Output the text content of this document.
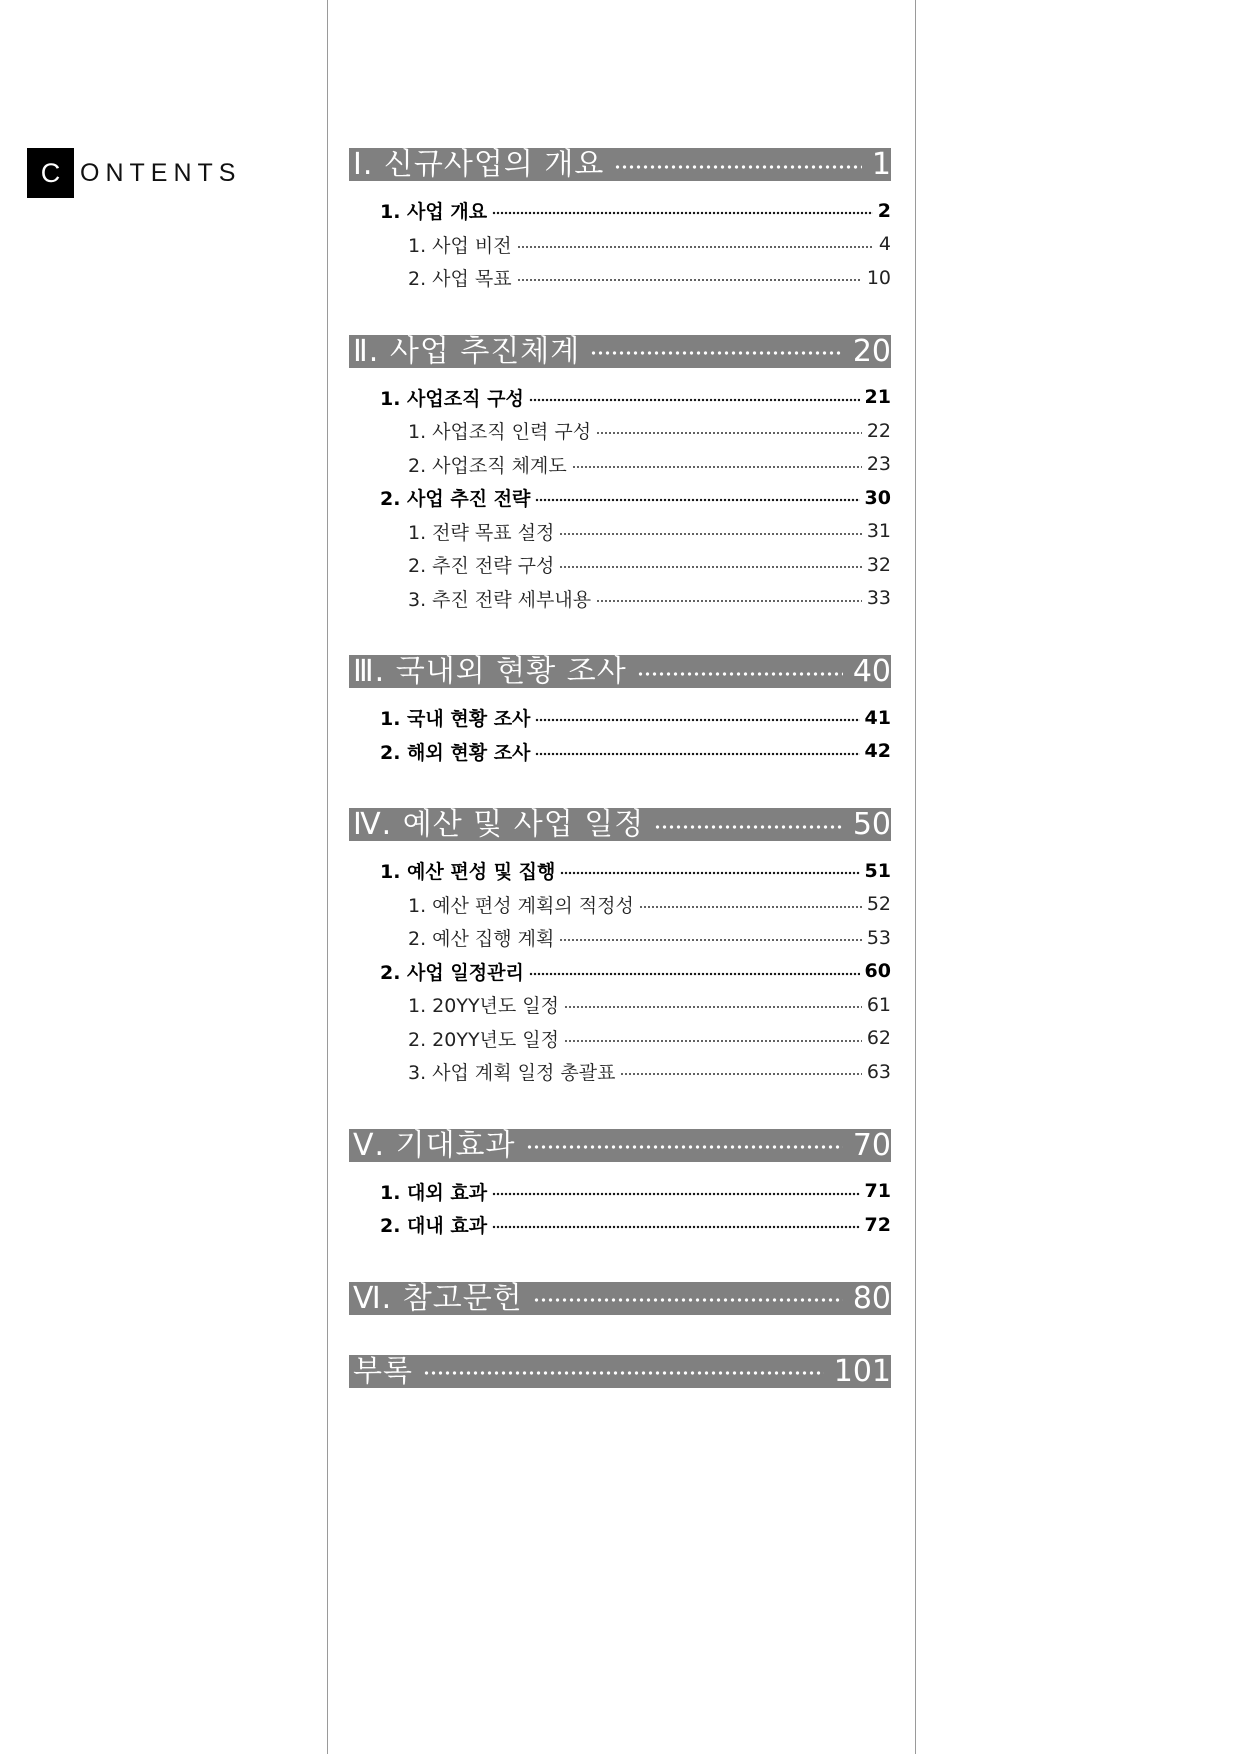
C ONTENTS	Ⅰ. 신규사업의 개요	1
1. 사업 개요	2
1. 사업 비전	4
2. 사업 목표	10
Ⅱ. 사업 추진체계	20
1. 사업조직 구성	21
1. 사업조직 인력 구성	22
2. 사업조직 체계도	23
2. 사업 추진 전략	30
1. 전략 목표 설정	31
2. 추진 전략 구성	32
3. 추진 전략 세부내용	33
Ⅲ. 국내외 현황 조사	40
1. 국내 현황 조사	41
2. 해외 현황 조사	42
Ⅳ. 예산 및 사업 일정	50
1. 예산 편성 및 집행	51
1. 예산 편성 계획의 적정성	52
2. 예산 집행 계획	53
2. 사업 일정관리	60
1. 20YY년도 일정	61
2. 20YY년도 일정	62
3. 사업 계획 일정 총괄표	63
Ⅴ. 기대효과	70
1. 대외 효과	71
2. 대내 효과	72
Ⅵ. 참고문헌	80
부록	101
